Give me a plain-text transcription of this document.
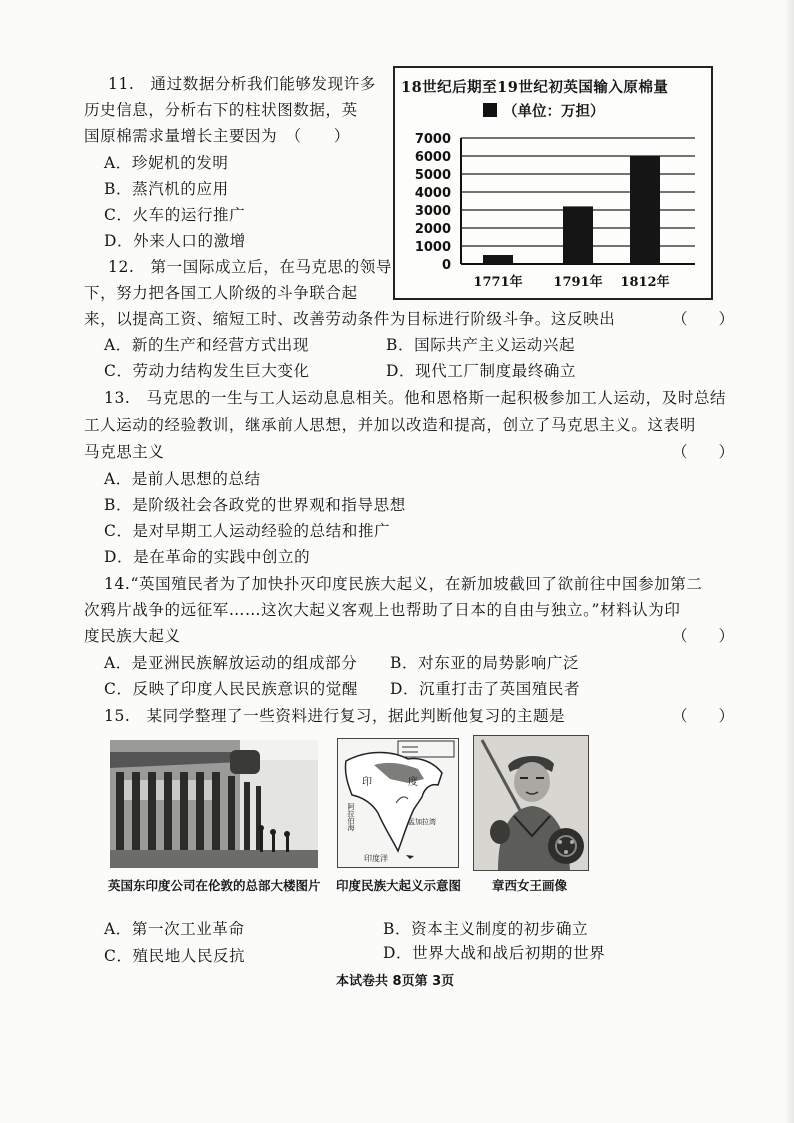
11.　通过数据分析我们能够发现许多
历史信息，分析右下的柱状图数据，英
国原棉需求量增长主要因为　（　　）
A．珍妮机的发明
B．蒸汽机的应用
C．火车的运行推广
D．外来人口的激增
18世纪后期至19世纪初英国输入原棉量
（单位：万担）
7000
6000
5000
4000
3000
2000
1000
0
1771年 1791年 1812年
12.　第一国际成立后，在马克思的领导
下，努力把各国工人阶级的斗争联合起
来，以提高工资、缩短工时、改善劳动条件为目标进行阶级斗争。这反映出	（　　）
A．新的生产和经营方式出现	B．国际共产主义运动兴起
C．劳动力结构发生巨大变化	D．现代工厂制度最终确立
13.　马克思的一生与工人运动息息相关。他和恩格斯一起积极参加工人运动，及时总结
工人运动的经验教训，继承前人思想，并加以改造和提高，创立了马克思主义。这表明
马克思主义	（　　）
A．是前人思想的总结
B．是阶级社会各政党的世界观和指导思想
C．是对早期工人运动经验的总结和推广
D．是在革命的实践中创立的
14.“英国殖民者为了加快扑灭印度民族大起义，在新加坡截回了欲前往中国参加第二
次鸦片战争的远征军……这次大起义客观上也帮助了日本的自由与独立。”材料认为印
度民族大起义	（　　）
A．是亚洲民族解放运动的组成部分 B．对东亚的局势影响广泛
C．反映了印度人民民族意识的觉醒 D．沉重打击了英国殖民者
15.　某同学整理了一些资料进行复习，据此判断他复习的主题是	（　　）
印	度
阿拉伯海	孟加拉湾
印度洋
英国东印度公司在伦敦的总部大楼图片 印度民族大起义示意图 章西女王画像
A．第一次工业革命	B．资本主义制度的初步确立
C．殖民地人民反抗	D．世界大战和战后初期的世界
本试卷共 8页第 3页
